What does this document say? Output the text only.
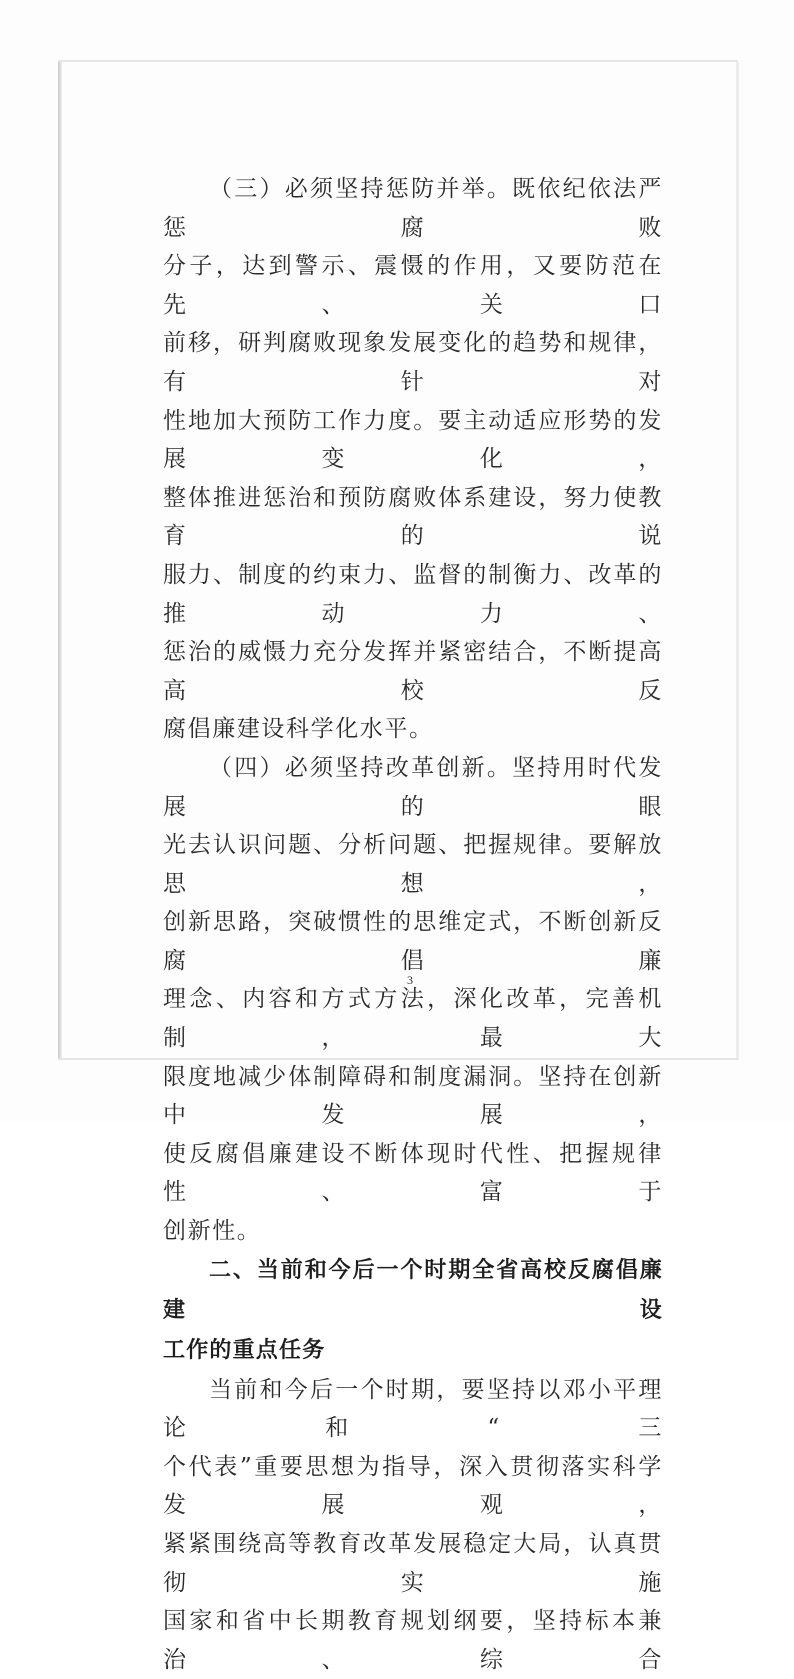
（三）必须坚持惩防并举。既依纪依法严惩腐败

分子，达到警示、震慑的作用，又要防范在先、关口

前移，研判腐败现象发展变化的趋势和规律，有针对

性地加大预防工作力度。要主动适应形势的发展变化，

整体推进惩治和预防腐败体系建设，努力使教育的说

服力、制度的约束力、监督的制衡力、改革的推动力、

惩治的威慑力充分发挥并紧密结合，不断提高高校反

腐倡廉建设科学化水平。

（四）必须坚持改革创新。坚持用时代发展的眼

光去认识问题、分析问题、把握规律。要解放思想，

创新思路，突破惯性的思维定式，不断创新反腐倡廉

理念、内容和方式方法，深化改革，完善机制，最大

限度地减少体制障碍和制度漏洞。坚持在创新中发展，

使反腐倡廉建设不断体现时代性、把握规律性、富于

创新性。

二、当前和今后一个时期全省高校反腐倡廉建设
工作的重点任务

当前和今后一个时期，要坚持以邓小平理论和“三

个代表”重要思想为指导，深入贯彻落实科学发展观，

紧紧围绕高等教育改革发展稳定大局，认真贯彻实施

国家和省中长期教育规划纲要，坚持标本兼治、综合

3
